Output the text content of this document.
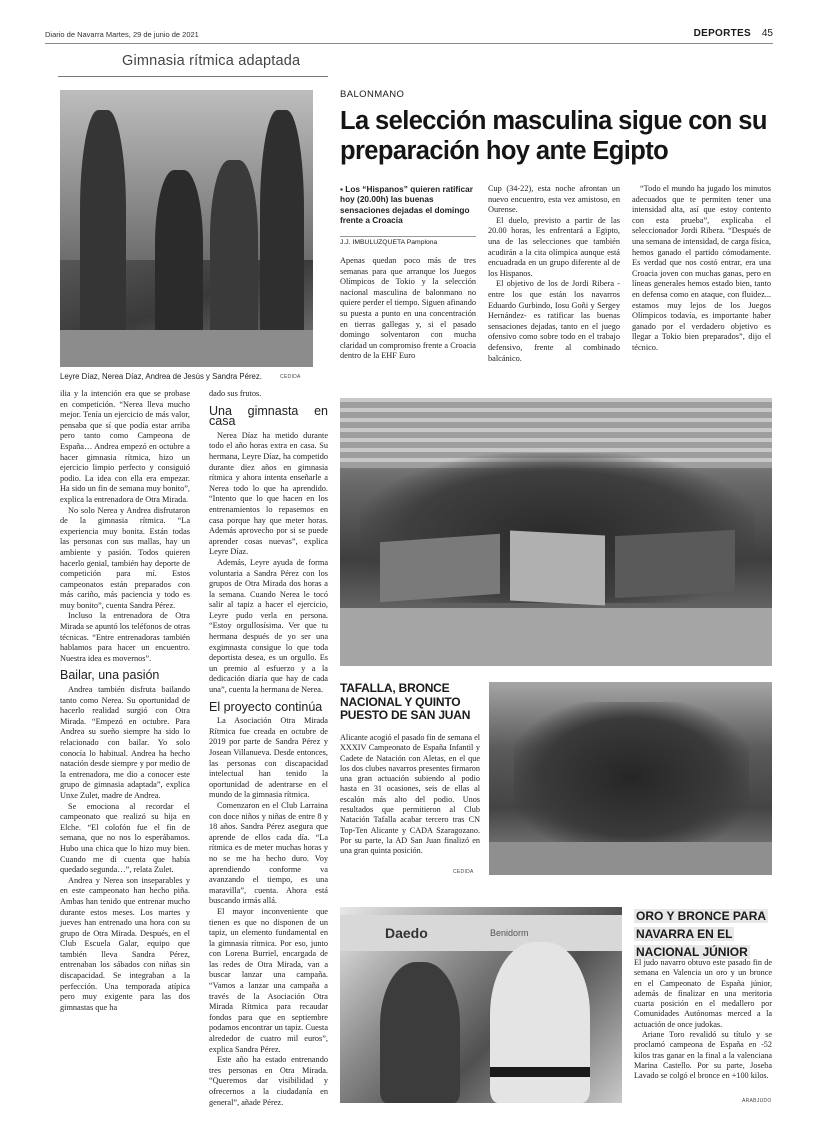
Diario de Navarra Martes, 29 de junio de 2021	DEPORTES 45
Gimnasia rítmica adaptada
Leyre Díaz, Nerea Díaz, Andrea de Jesús y Sandra Pérez.	CEDIDA

ilia y la intención era que se probase en competición. “Nerea lleva mucho mejor. Tenía un ejercicio de más valor, pensaba que sí que podía estar arriba pero tanto como Campeona de España… Andrea empezó en octubre a hacer gimnasia rítmica, hizo un ejercicio limpio perfecto y consiguió podio. La idea con ella era empezar. Ha sido un fin de semana muy bonito”, explica la entrenadora de Otra Mirada.

No solo Nerea y Andrea disfrutaron de la gimnasia rítmica. “La experiencia muy bonita. Están todas las personas con sus mallas, hay un ambiente y pasión. Todos quieren hacerlo genial, también hay deporte de competición para mí. Estos campeonatos están preparados con más cariño, más paciencia y todo es muy bonito”, cuenta Sandra Pérez.

Incluso la entrenadora de Otra Mirada se apuntó los teléfonos de otras técnicas. “Entre entrenadoras también hablamos para hacer un encuentro. Nuestra idea es movernos”.

Bailar, una pasión

Andrea también disfruta bailando tanto como Nerea. Su oportunidad de hacerlo realidad surgió con Otra Mirada. “Empezó en octubre. Para Andrea su sueño siempre ha sido lo relacionado con bailar. Yo solo conocía lo habitual. Andrea ha hecho natación desde siempre y por medio de la entrenadora, me dio a conocer este grupo de gimnasia adaptada”, explica Unxe Zulet, madre de Andrea.

Se emociona al recordar el campeonato que realizó su hija en Elche. “El colofón fue el fin de semana, que no nos lo esperábamos. Hubo una chica que lo hizo muy bien. Cuando me di cuenta que había quedado segunda…”, relata Zulet.

Andrea y Nerea son inseparables y en este campeonato han hecho piña. Ambas han tenido que entrenar mucho durante estos meses. Los martes y jueves han entrenado una hora con su grupo de Otra Mirada. Después, en el Club Escuela Galar, equipo que también lleva Sandra Pérez, entrenaban los sábados con niñas sin discapacidad. Se integraban a la perfección. Una temporada atípica pero muy exigente para las dos gimnastas que ha

dado sus frutos.

Una gimnasta en casa

Nerea Díaz ha metido durante todo el año horas extra en casa. Su hermana, Leyre Díaz, ha competido durante diez años en gimnasia rítmica y ahora intenta enseñarle a Nerea todo lo que ha aprendido. “Intento que lo que hacen en los entrenamientos lo repasemos en casa porque hay que meter horas. Además aprovecho por si se puede aprender cosas nuevas”, explica Leyre Díaz.

Además, Leyre ayuda de forma voluntaria a Sandra Pérez con los grupos de Otra Mirada dos horas a la semana. Cuando Nerea le tocó salir al tapiz a hacer el ejercicio, Leyre pudo verla en persona. “Estoy orgullosísima. Ver que tu hermana después de yo ser una exgimnasta consigue lo que toda deportista desea, es un orgullo. Es un premio al esfuerzo y a la dedicación diaria que hay de cada una”, cuenta la hermana de Nerea.

El proyecto continúa

La Asociación Otra Mirada Rítmica fue creada en octubre de 2019 por parte de Sandra Pérez y Josean Villanueva. Desde entonces, las personas con discapacidad intelectual han tenido la oportunidad de adentrarse en el mundo de la gimnasia rítmica.

Comenzaron en el Club Larraina con doce niños y niñas de entre 8 y 18 años. Sandra Pérez asegura que aprende de ellos cada día. “La rítmica es de meter muchas horas y no se me ha hecho duro. Voy aprendiendo conforme va avanzando el tiempo, es una maravilla”, cuenta. Ahora está buscando irmás allá.

El mayor inconveniente que tienen es que no disponen de un tapiz, un elemento fundamental en la gimnasia rítmica. Por eso, junto con Lorena Burriel, encargada de las redes de Otra Mirada, van a buscar lanzar una campaña. “Vamos a lanzar una campaña a través de la Asociación Otra Mirada Rítmica para recaudar fondos para que en septiembre podamos encontrar un tapiz. Cuesta alrededor de cuatro mil euros”, explica Sandra Pérez.

Este año ha estado entrenando tres personas en Otra Mirada. “Queremos dar visibilidad y ofrecernos a la ciudadanía en general”, añade Pérez.

BALONMANO
La selección masculina sigue con su preparación hoy ante Egipto
▪ Los “Hispanos” quieren ratificar hoy (20.00h) las buenas sensaciones dejadas el domingo frente a Croacia
J.J. IMBULUZQUETA Pamplona

Apenas quedan poco más de tres semanas para que arranque los Juegos Olímpicos de Tokio y la selección nacional masculina de balonmano no quiere perder el tiempo. Siguen afinando su puesta a punto en una concentración en tierras gallegas y, si el pasado domingo solventaron con mucha claridad un compromiso frente a Croacia dentro de la EHF Euro

Cup (34-22), esta noche afrontan un nuevo encuentro, esta vez amistoso, en Ourense.

El duelo, previsto a partir de las 20.00 horas, les enfrentará a Egipto, una de las selecciones que también acudirán a la cita olímpica aunque está encuadrada en un grupo diferente al de los Hispanos.

El objetivo de los de Jordi Ribera -entre los que están los navarros Eduardo Gurbindo, Iosu Goñi y Sergey Hernández- es ratificar las buenas sensaciones dejadas, tanto en el juego ofensivo como sobre todo en el trabajo defensivo, frente al combinado balcánico.

“Todo el mundo ha jugado los minutos adecuados que te permiten tener una intensidad alta, así que estoy contento con esta prueba”, explicaba el seleccionador Jordi Ribera. “Después de una semana de intensidad, de carga física, hemos ganado el partido cómodamente. Es verdad que nos costó entrar, era una Croacia joven con muchas ganas, pero en líneas generales hemos estado bien, tanto en defensa como en ataque, con fluidez... estamos muy lejos de los Juegos Olímpicos todavía, es importante haber ganado por el verdadero objetivo es llegar a Tokio bien preparados”, dijo el técnico.

TAFALLA, BRONCE NACIONAL Y QUINTO PUESTO DE SAN JUAN

Alicante acogió el pasado fin de semana el XXXIV Campeonato de España Infantil y Cadete de Natación con Aletas, en el que los dos clubes navarros presentes firmaron una gran actuación subiendo al podio hasta en 31 ocasiones, seis de ellas al escalón más alto del podio. Unos resultados que permitieron al Club Natación Tafalla acabar tercero tras CN Top-Ten Alicante y CADA Szaragozano. Por su parte, la AD San Juan finalizó en una gran quinta posición.

CEDIDA
Daedo	Benidorm
ORO Y BRONCE PARA NAVARRA EN EL NACIONAL JÚNIOR

El judo navarro obtuvo este pasado fin de semana en Valencia un oro y un bronce en el Campeonato de España júnior, además de finalizar en una meritoria cuarta posición en el medallero por Comunidades Autónomas merced a la actuación de once judokas.

Ariane Toro revalidó su título y se proclamó campeona de España en -52 kilos tras ganar en la final a la valenciana Marina Castello. Por su parte, Joseba Lavado se colgó el bronce en +100 kilos.

ARABJUDO
